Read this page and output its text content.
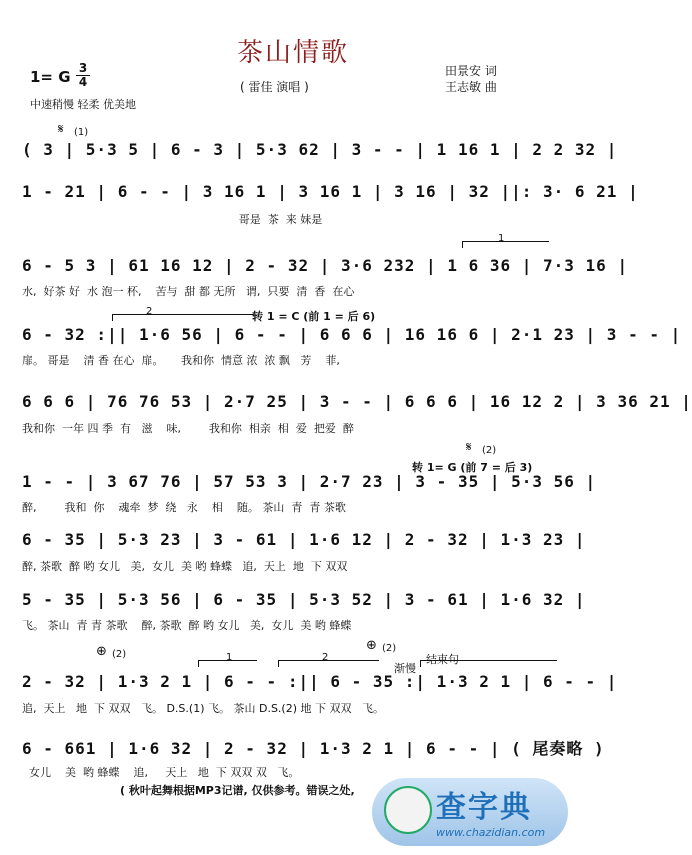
茶山情歌
1= G 3
4	( 雷佳 演唱 )
田景安 词
王志敏 曲
中速稍慢 轻柔 优美地
𝄋 (1)
1
2	转 1 = C (前 1 = 后 6)
𝄋 (2)
转 1= G (前 7 = 后 3)
⊕ (2)
⊕ (2)
渐慢
结束句
1	2
( 3 | 5·3 5 | 6 - 3 | 5·3 62 | 3 - - | 1 16 1 | 2 2 32 |
1 - 21 | 6 - - | 3 16 1 | 3 16 1 | 3 16 | 32 ||: 3· 6 21 |
哥是  茶  来 妹是
6 - 5 3 | 61 16 12 | 2 - 32 | 3·6 232 | 1 6 36 | 7·3 16 |
水,  好茶 好  水 泡一 杯,    苦与  甜 都 无所   谓,  只要  清  香  在心
6 - 32 :|| 1·6 56 | 6 - - | 6 6 6 | 16 16 6 | 2·1 23 | 3 - - |
扉。 哥是    清 香 在心  扉。     我和你  情意 浓  浓 飘   芳    菲,
6 6 6 | 76 76 53 | 2·7 25 | 3 - - | 6 6 6 | 16 12 2 | 3 36 21 |
我和你  一年 四 季  有   滋    味,        我和你  相亲  相  爱  把爱  醉
1 - - | 3 67 76 | 57 53 3 | 2·7 23 | 3 - 35 | 5·3 56 |
醉,        我和  你    魂牵  梦  绕   永    相    随。 茶山  青  青 茶歌
6 - 35 | 5·3 23 | 3 - 61 | 1·6 12 | 2 - 32 | 1·3 23 |
醉, 茶歌  醉 哟 女儿   美,  女儿  美 哟 蜂蝶   追,  天上  地  下 双双
5 - 35 | 5·3 56 | 6 - 35 | 5·3 52 | 3 - 61 | 1·6 32 |
飞。 茶山  青 青 茶歌    醉, 茶歌  醉 哟 女儿   美,  女儿  美 哟 蜂蝶
2 - 32 | 1·3 2 1 | 6 - - :|| 6 - 35 :| 1·3 2 1 | 6 - - |
追,  天上   地  下 双双   飞。 D.S.(1) 飞。 茶山 D.S.(2) 地 下 双双   飞。
6 - 661 | 1·6 32 | 2 - 32 | 1·3 2 1 | 6 - - | ( 尾奏略 )
女儿    美  哟 蜂蝶    追,     天上   地  下 双双 双   飞。
( 秋叶起舞根据MP3记谱, 仅供参考。错误之处,	查字典
www.chazidian.com
